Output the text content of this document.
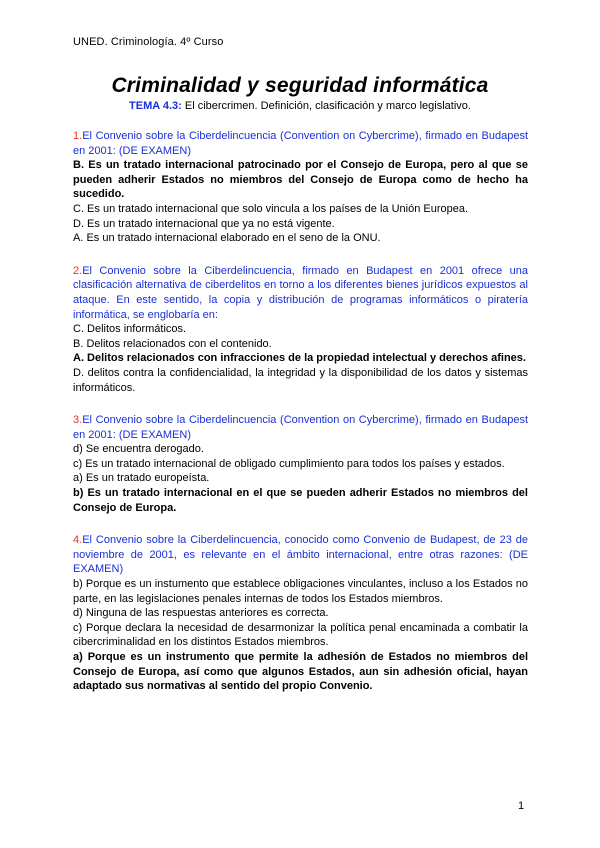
UNED. Criminología. 4º Curso
Criminalidad y seguridad informática
TEMA 4.3: El cibercrimen. Definición, clasificación y marco legislativo.
1.El Convenio sobre la Ciberdelincuencia (Convention on Cybercrime), firmado en Budapest en 2001: (DE EXAMEN)
B. Es un tratado internacional patrocinado por el Consejo de Europa, pero al que se pueden adherir Estados no miembros del Consejo de Europa como de hecho ha sucedido.
C. Es un tratado internacional que solo vincula a los países de la Unión Europea.
D. Es un tratado internacional que ya no está vigente.
A. Es un tratado internacional elaborado en el seno de la ONU.
2.El Convenio sobre la Ciberdelincuencia, firmado en Budapest en 2001 ofrece una clasificación alternativa de ciberdelitos en torno a los diferentes bienes jurídicos expuestos al ataque. En este sentido, la copia y distribución de programas informáticos o piratería informática, se englobaría en:
C. Delitos informáticos.
B. Delitos relacionados con el contenido.
A. Delitos relacionados con infracciones de la propiedad intelectual y derechos afines.
D. delitos contra la confidencialidad, la integridad y la disponibilidad de los datos y sistemas informáticos.
3.El Convenio sobre la Ciberdelincuencia (Convention on Cybercrime), firmado en Budapest en 2001: (DE EXAMEN)
d) Se encuentra derogado.
c) Es un tratado internacional de obligado cumplimiento para todos los países y estados.
a) Es un tratado europeísta.
b) Es un tratado internacional en el que se pueden adherir Estados no miembros del Consejo de Europa.
4.El Convenio sobre la Ciberdelincuencia, conocido como Convenio de Budapest, de 23 de noviembre de 2001, es relevante en el ámbito internacional, entre otras razones: (DE EXAMEN)
b) Porque es un instumento que establece obligaciones vinculantes, incluso a los Estados no parte, en las legislaciones penales internas de todos los Estados miembros.
d) Ninguna de las respuestas anteriores es correcta.
c) Porque declara la necesidad de desarmonizar la política penal encaminada a combatir la cibercriminalidad en los distintos Estados miembros.
a) Porque es un instrumento que permite la adhesión de Estados no miembros del Consejo de Europa, así como que algunos Estados, aun sin adhesión oficial, hayan adaptado sus normativas al sentido del propio Convenio.
1
